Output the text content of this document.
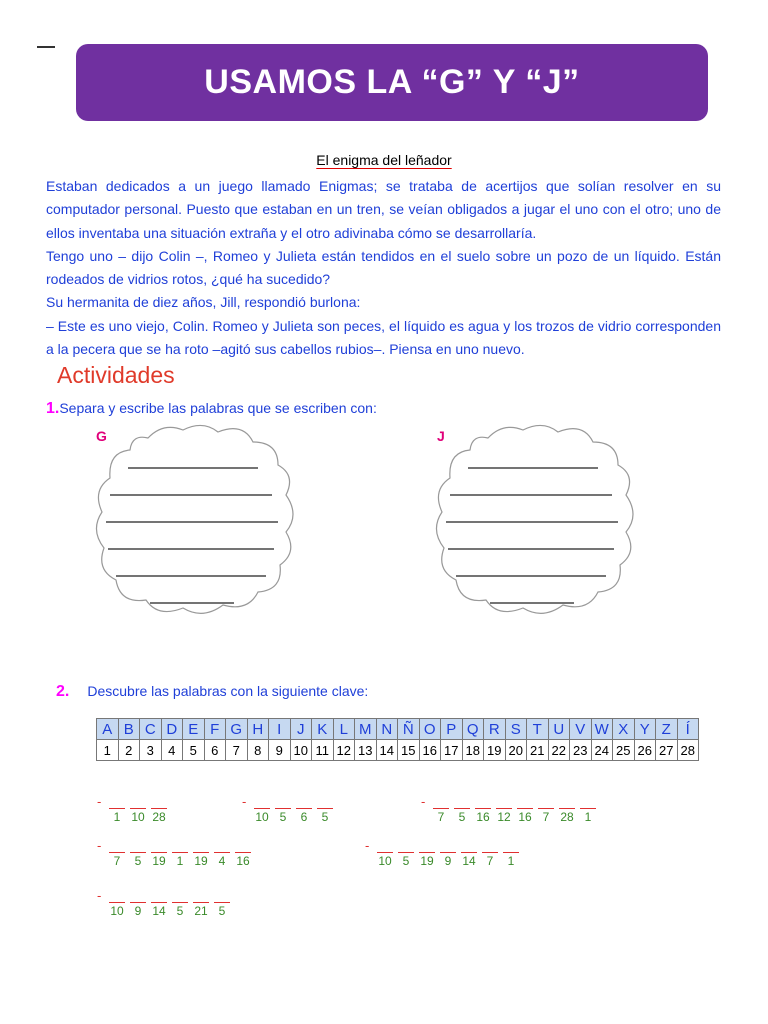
USAMOS LA “G” Y “J”
El enigma del leñador

Estaban dedicados a un juego llamado Enigmas; se trataba de acertijos que solían resolver en su computador personal. Puesto que estaban en un tren, se veían obligados a jugar el uno con el otro; uno de ellos inventaba una situación extraña y el otro adivinaba cómo se desarrollaría.

Tengo uno – dijo Colin –, Romeo y Julieta están tendidos en el suelo sobre un pozo de un líquido. Están rodeados de vidrios rotos, ¿qué ha sucedido?

Su hermanita de diez años, Jill, respondió burlona:

– Este es uno viejo, Colin. Romeo y Julieta son peces, el líquido es agua y los trozos de vidrio corresponden a la pecera que se ha roto –agitó sus cabellos rubios–. Piensa en uno nuevo.

Actividades
1.Separa y escribe las palabras que se escriben con:
G	J
2. Descubre las palabras con la siguiente clave:
A	B	C	D	E	F	G	H	I	J	K	L	M	N	Ñ	O	P	Q	R	S	T	U	V	W	X	Y	Z	Í
1	2	3	4	5	6	7	8	9	10	11	12	13	14	15	16	17	18	19	20	21	22	23	24	25	26	27	28
-
1 10 28
-
10 5	6	5
-
7	5 16 12 16 7 28 1
-
7	5 19 1 19 4 16
-
10 5 19 9 14 7	1
-
10 9 14 5 21 5
